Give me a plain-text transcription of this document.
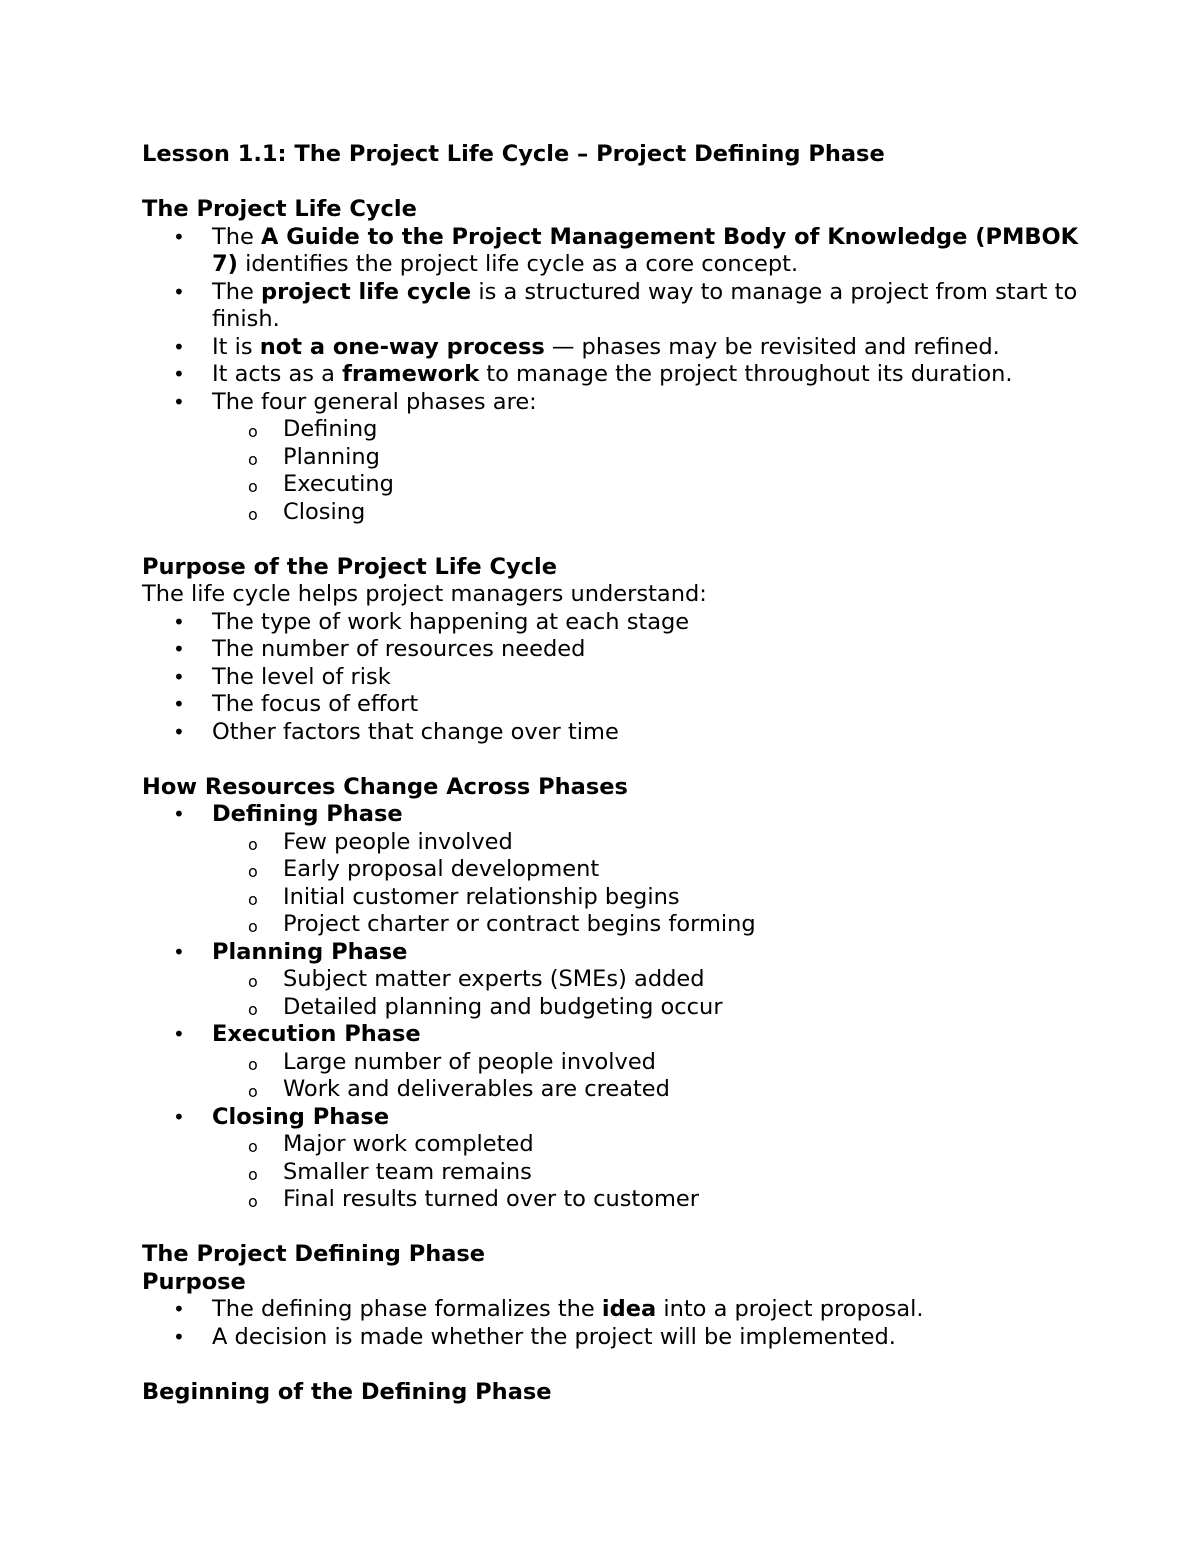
Lesson 1.1: The Project Life Cycle – Project Defining Phase

The Project Life Cycle

• The A Guide to the Project Management Body of Knowledge (PMBOK 7) identifies the project life cycle as a core concept.
• The project life cycle is a structured way to manage a project from start to finish.
• It is not a one-way process — phases may be revisited and refined.
• It acts as a framework to manage the project throughout its duration.
• The four general phases are:
o Defining
o Planning
o Executing
o Closing

Purpose of the Project Life Cycle

The life cycle helps project managers understand:

• The type of work happening at each stage
• The number of resources needed
• The level of risk
• The focus of effort
• Other factors that change over time

How Resources Change Across Phases

• Defining Phase
o Few people involved
o Early proposal development
o Initial customer relationship begins
o Project charter or contract begins forming
• Planning Phase
o Subject matter experts (SMEs) added
o Detailed planning and budgeting occur
• Execution Phase
o Large number of people involved
o Work and deliverables are created
• Closing Phase
o Major work completed
o Smaller team remains
o Final results turned over to customer

The Project Defining Phase

Purpose

• The defining phase formalizes the idea into a project proposal.
• A decision is made whether the project will be implemented.

Beginning of the Defining Phase
